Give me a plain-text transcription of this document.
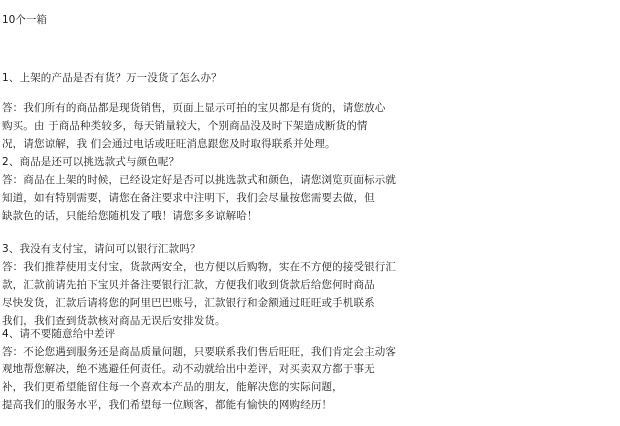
10个一箱
1、上架的产品是否有货？万一没货了怎么办？
答：我们所有的商品都是现货销售，页面上显示可拍的宝贝都是有货的，请您放心
购买。由 于商品种类较多，每天销量较大，个别商品没及时下架造成断货的情
况，请您谅解，我 们会通过电话或旺旺消息跟您及时取得联系并处理。
2、商品是还可以挑选款式与颜色呢？
答：商品在上架的时候，已经设定好是否可以挑选款式和颜色，请您浏览页面标示就
知道，如有特别需要，请您在备注要求中注明下，我们会尽量按您需要去做，但
缺款色的话，只能给您随机发了哦！请您多多谅解哈！
3、我没有支付宝，请问可以银行汇款吗？
答：我们推荐使用支付宝，货款两安全，也方便以后购物，实在不方便的接受银行汇
款，汇款前请先拍下宝贝并备注要银行汇款，方便我们收到货款后给您何时商品
尽快发货，汇款后请将您的阿里巴巴账号，汇款银行和金额通过旺旺或手机联系
我们，我们查到货款核对商品无误后安排发货。
4、请不要随意给中差评
答：不论您遇到服务还是商品质量问题，只要联系我们售后旺旺，我们肯定会主动客
观地帮您解决，绝不逃避任何责任。动不动就给出中差评，对买卖双方都于事无
补，我们更希望能留住每一个喜欢本产品的朋友，能解决您的实际问题，
提高我们的服务水平，我们希望每一位顾客，都能有愉快的网购经历！
